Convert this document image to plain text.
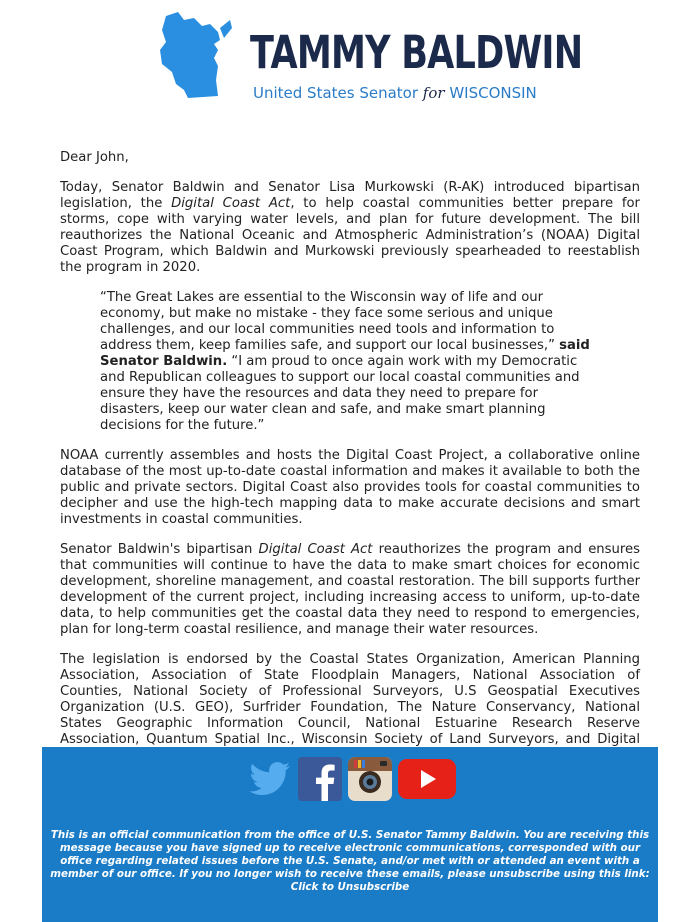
TAMMY BALDWIN
United States Senator for WISCONSIN

Dear John,

Today, Senator Baldwin and Senator Lisa Murkowski (R-AK) introduced bipartisan legislation, the Digital Coast Act, to help coastal communities better prepare for storms, cope with varying water levels, and plan for future development. The bill reauthorizes the National Oceanic and Atmospheric Administration’s (NOAA) Digital Coast Program, which Baldwin and Murkowski previously spearheaded to reestablish the program in 2020.

“The Great Lakes are essential to the Wisconsin way of life and our economy, but make no mistake - they face some serious and unique challenges, and our local communities need tools and information to address them, keep families safe, and support our local businesses,” said Senator Baldwin. “I am proud to once again work with my Democratic and Republican colleagues to support our local coastal communities and ensure they have the resources and data they need to prepare for disasters, keep our water clean and safe, and make smart planning decisions for the future.”

NOAA currently assembles and hosts the Digital Coast Project, a collaborative online database of the most up-to-date coastal information and makes it available to both the public and private sectors. Digital Coast also provides tools for coastal communities to decipher and use the high-tech mapping data to make accurate decisions and smart investments in coastal communities.

Senator Baldwin's bipartisan Digital Coast Act reauthorizes the program and ensures that communities will continue to have the data to make smart choices for economic development, shoreline management, and coastal restoration. The bill supports further development of the current project, including increasing access to uniform, up-to-date data, to help communities get the coastal data they need to respond to emergencies, plan for long-term coastal resilience, and manage their water resources.

The legislation is endorsed by the Coastal States Organization, American Planning Association, Association of State Floodplain Managers, National Association of Counties, National Society of Professional Surveyors, U.S Geospatial Executives Organization (U.S. GEO), Surfrider Foundation, The Nature Conservancy, National States Geographic Information Council, National Estuarine Research Reserve Association, Quantum Spatial Inc., Wisconsin Society of Land Surveyors, and Digital

This is an official communication from the office of U.S. Senator Tammy Baldwin. You are receiving this message because you have signed up to receive electronic communications, corresponded with our office regarding related issues before the U.S. Senate, and/or met with or attended an event with a member of our office. If you no longer wish to receive these emails, please unsubscribe using this link: Click to Unsubscribe
